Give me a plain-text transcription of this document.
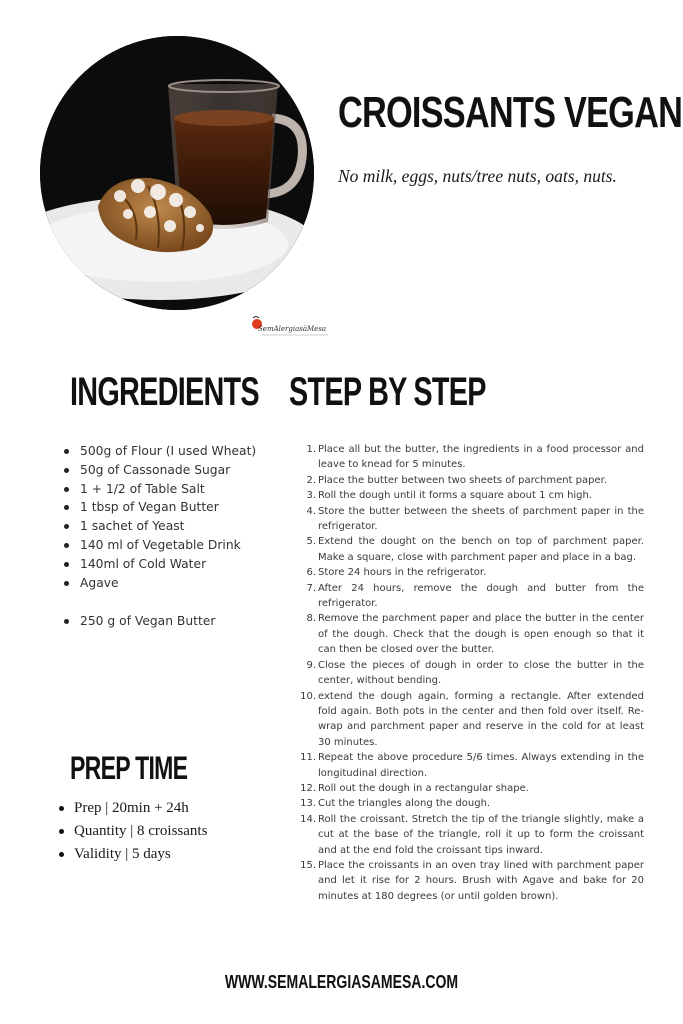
CROISSANTS VEGAN
No milk, eggs, nuts/tree nuts, oats, nuts.
SemAlergiasàMesa
INGREDIENTS
500g of Flour (I used Wheat)
50g of Cassonade Sugar
1 + 1/2 of Table Salt
1 tbsp of Vegan Butter
1 sachet of Yeast
140 ml of Vegetable Drink
140ml of Cold Water
Agave
250 g of Vegan Butter
STEP BY STEP
1. Place all but the butter, the ingredients in a food processor and leave to knead for 5 minutes.
2. Place the butter between two sheets of parchment paper.
3. Roll the dough until it forms a square about 1 cm high.
4. Store the butter between the sheets of parchment paper in the refrigerator.
5. Extend the dought on the bench on top of parchment paper. Make a square, close with parchment paper and place in a bag.
6. Store 24 hours in the refrigerator.
7. After 24 hours, remove the dough and butter from the refrigerator.
8. Remove the parchment paper and place the butter in the center of the dough. Check that the dough is open enough so that it can then be closed over the butter.
9. Close the pieces of dough in order to close the butter in the center, without bending.
10. extend the dough again, forming a rectangle. After extended fold again. Both pots in the center and then fold over itself. Re-wrap and parchment paper and reserve in the cold for at least 30 minutes.
11. Repeat the above procedure 5/6 times. Always extending in the longitudinal direction.
12. Roll out the dough in a rectangular shape.
13. Cut the triangles along the dough.
14. Roll the croissant. Stretch the tip of the triangle slightly, make a cut at the base of the triangle, roll it up to form the croissant and at the end fold the croissant tips inward.
15. Place the croissants in an oven tray lined with parchment paper and let it rise for 2 hours. Brush with Agave and bake for 20 minutes at 180 degrees (or until golden brown).
PREP TIME
Prep | 20min + 24h
Quantity | 8 croissants
Validity | 5 days
WWW.SEMALERGIASAMESA.COM
